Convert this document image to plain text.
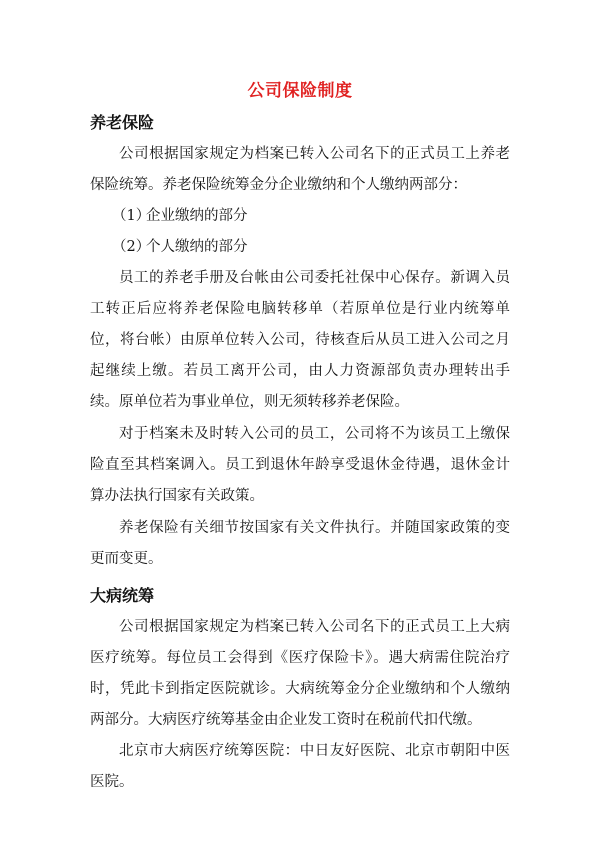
公司保险制度
养老保险
公司根据国家规定为档案已转入公司名下的正式员工上养老保险统筹。养老保险统筹金分企业缴纳和个人缴纳两部分：
（1）企业缴纳的部分
（2）个人缴纳的部分
员工的养老手册及台帐由公司委托社保中心保存。新调入员工转正后应将养老保险电脑转移单（若原单位是行业内统筹单位，将台帐）由原单位转入公司，待核查后从员工进入公司之月起继续上缴。若员工离开公司，由人力资源部负责办理转出手续。原单位若为事业单位，则无须转移养老保险。
对于档案未及时转入公司的员工，公司将不为该员工上缴保险直至其档案调入。员工到退休年龄享受退休金待遇，退休金计算办法执行国家有关政策。
养老保险有关细节按国家有关文件执行。并随国家政策的变更而变更。
大病统筹
公司根据国家规定为档案已转入公司名下的正式员工上大病医疗统筹。每位员工会得到《医疗保险卡》。遇大病需住院治疗时，凭此卡到指定医院就诊。大病统筹金分企业缴纳和个人缴纳两部分。大病医疗统筹基金由企业发工资时在税前代扣代缴。
北京市大病医疗统筹医院：中日友好医院、北京市朝阳中医医院。
